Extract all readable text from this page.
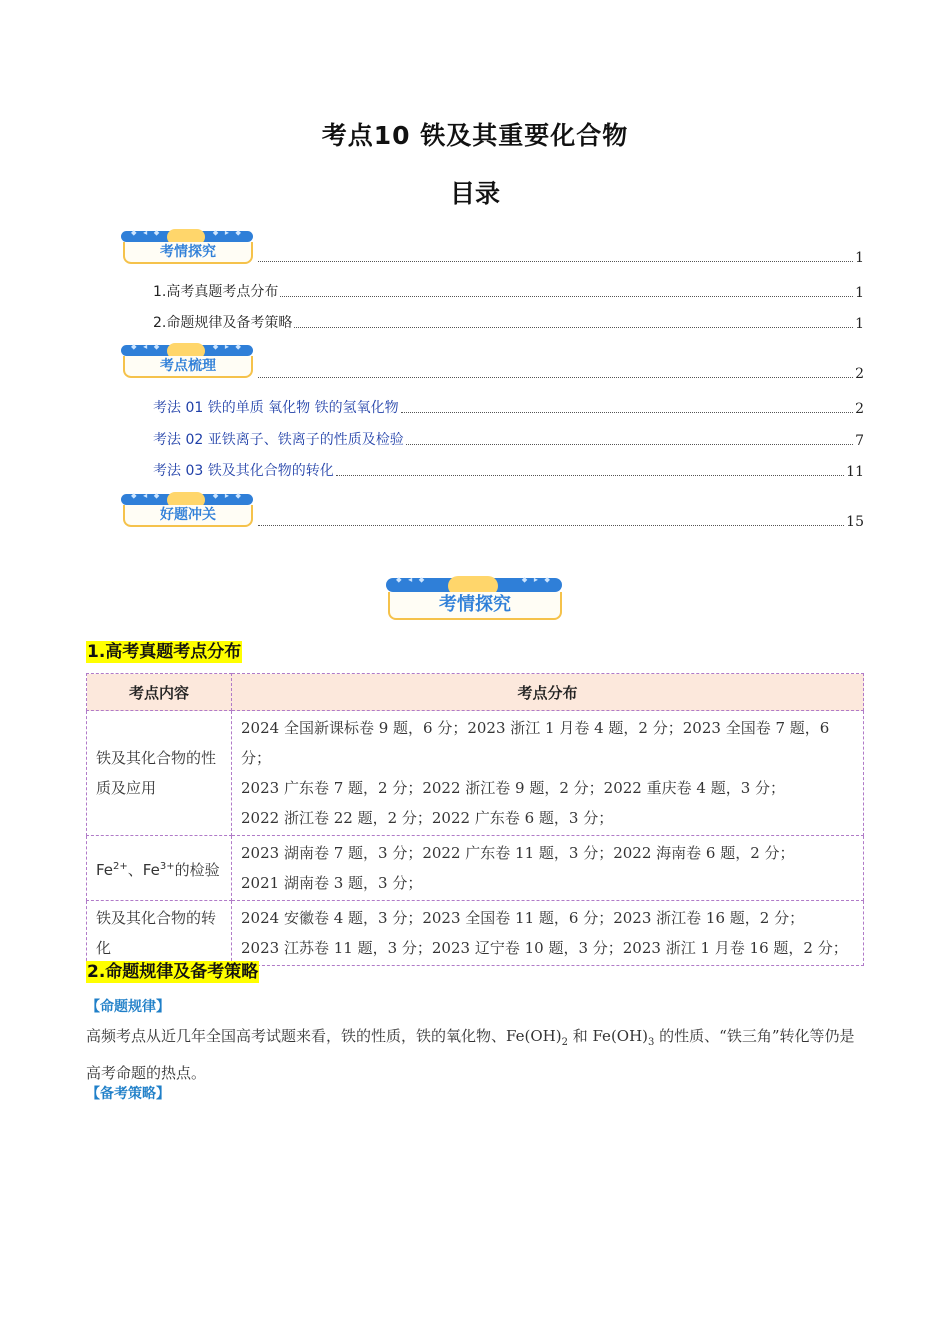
考点10 铁及其重要化合物
目录
⬥ ◂ ⬥ ⬥ ▸ ⬥
考情探究	1
1.高考真题考点分布	1
2.命题规律及备考策略	1
⬥ ◂ ⬥ ⬥ ▸ ⬥
考点梳理	2
考法 01 铁的单质 氧化物 铁的氢氧化物	2
考法 02 亚铁离子、铁离子的性质及检验	7
考法 03 铁及其化合物的转化	11
⬥ ◂ ⬥ ⬥ ▸ ⬥
好题冲关	15
⬥ ◂ ⬥ ⬥ ▸ ⬥
考情探究
1.高考真题考点分布
考点内容	考点分布
铁及其化合物的性质及应用	2024 全国新课标卷 9 题，6 分；2023 浙江 1 月卷 4 题，2 分；2023 全国卷 7 题，6 分；
2023 广东卷 7 题，2 分；2022 浙江卷 9 题，2 分；2022 重庆卷 4 题，3 分；
2022 浙江卷 22 题，2 分；2022 广东卷 6 题，3 分；

$Fe^{2+}$、$Fe^{3+}$的检验	2023 湖南卷 7 题，3 分；2022 广东卷 11 题，3 分；2022 海南卷 6 题，2 分；
2021 湖南卷 3 题，3 分；

铁及其化合物的转化	2024 安徽卷 4 题，3 分；2023 全国卷 11 题，6 分；2023 浙江卷 16 题，2 分；
2023 江苏卷 11 题，3 分；2023 辽宁卷 10 题，3 分；2023 浙江 1 月卷 16 题，2 分；
2.命题规律及备考策略
【命题规律】
高频考点从近几年全国高考试题来看，铁的性质，铁的氧化物、$Fe(OH)_2$ 和 $Fe(OH)_3$ 的性质、“铁三角”转化等仍是高考命题的热点。
【备考策略】
